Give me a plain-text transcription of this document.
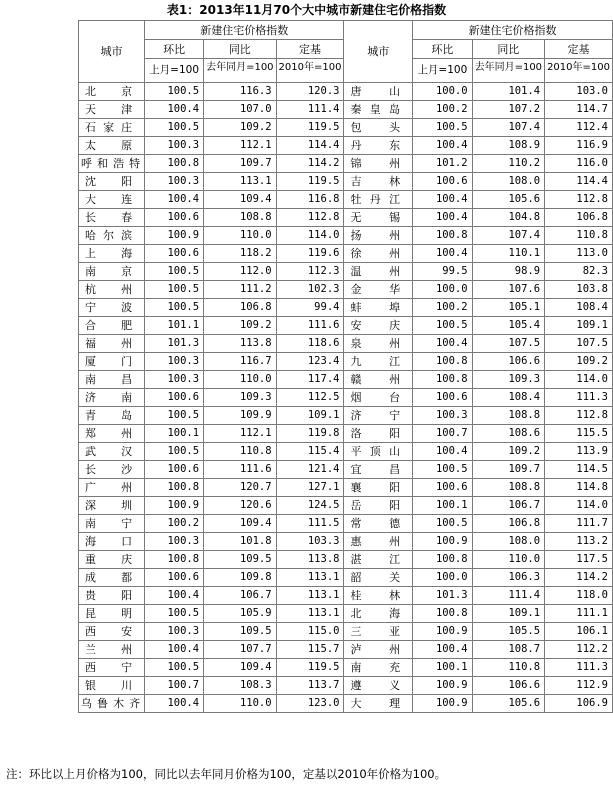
表1：2013年11月70个大中城市新建住宅价格指数
城市	新建住宅价格指数			城市	新建住宅价格指数		
	环比	同比	定基		环比	同比	定基
	上月=100	去年同月=100	2010年=100		上月=100	去年同月=100	2010年=100
北京	100.5	116.3	120.3	唐山	100.0	101.4	103.0
天津	100.4	107.0	111.4	秦皇岛	100.2	107.2	114.7
石家庄	100.5	109.2	119.5	包头	100.5	107.4	112.4
太原	100.3	112.1	114.4	丹东	100.4	108.9	116.9
呼和浩特	100.8	109.7	114.2	锦州	101.2	110.2	116.0
沈阳	100.3	113.1	119.5	吉林	100.6	108.0	114.4
大连	100.4	109.4	116.8	牡丹江	100.4	105.6	112.8
长春	100.6	108.8	112.8	无锡	100.4	104.8	106.8
哈尔滨	100.9	110.0	114.0	扬州	100.8	107.4	110.8
上海	100.6	118.2	119.6	徐州	100.4	110.1	113.0
南京	100.5	112.0	112.3	温州	99.5	98.9	82.3
杭州	100.5	111.2	102.3	金华	100.0	107.6	103.8
宁波	100.5	106.8	99.4	蚌埠	100.2	105.1	108.4
合肥	101.1	109.2	111.6	安庆	100.5	105.4	109.1
福州	101.3	113.8	118.6	泉州	100.4	107.5	107.5
厦门	100.3	116.7	123.4	九江	100.8	106.6	109.2
南昌	100.3	110.0	117.4	赣州	100.8	109.3	114.0
济南	100.6	109.3	112.5	烟台	100.6	108.4	111.3
青岛	100.5	109.9	109.1	济宁	100.3	108.8	112.8
郑州	100.1	112.1	119.8	洛阳	100.7	108.6	115.5
武汉	100.5	110.8	115.4	平顶山	100.4	109.2	113.9
长沙	100.6	111.6	121.4	宜昌	100.5	109.7	114.5
广州	100.8	120.7	127.1	襄阳	100.6	108.8	114.8
深圳	100.9	120.6	124.5	岳阳	100.1	106.7	114.0
南宁	100.2	109.4	111.5	常德	100.5	106.8	111.7
海口	100.3	101.8	103.3	惠州	100.9	108.0	113.2
重庆	100.8	109.5	113.8	湛江	100.8	110.0	117.5
成都	100.6	109.8	113.1	韶关	100.0	106.3	114.2
贵阳	100.4	106.7	113.1	桂林	101.3	111.4	118.0
昆明	100.5	105.9	113.1	北海	100.8	109.1	111.1
西安	100.3	109.5	115.0	三亚	100.9	105.5	106.1
兰州	100.4	107.7	115.7	泸州	100.4	108.7	112.2
西宁	100.5	109.4	119.5	南充	100.1	110.8	111.3
银川	100.7	108.3	113.7	遵义	100.9	106.6	112.9
乌鲁木齐	100.4	110.0	123.0	大理	100.9	105.6	106.9
注：环比以上月价格为100，同比以去年同月价格为100，定基以2010年价格为100。
